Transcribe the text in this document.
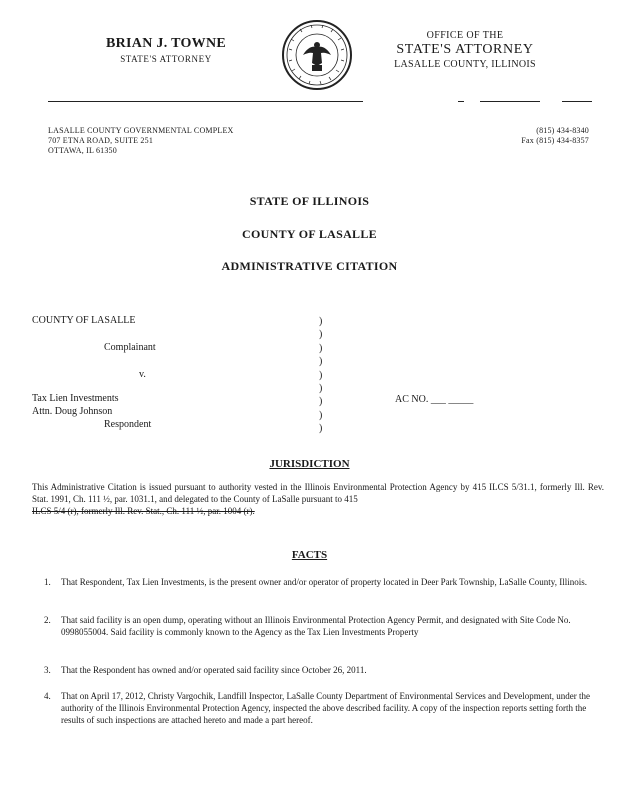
BRIAN J. TOWNE
STATE'S ATTORNEY
OFFICE OF THE
STATE'S ATTORNEY
LASALLE COUNTY, ILLINOIS
LASALLE COUNTY GOVERNMENTAL COMPLEX
707 ETNA ROAD, SUITE 251
OTTAWA, IL 61350
(815) 434-8340
Fax (815) 434-8357
STATE OF ILLINOIS
COUNTY OF LASALLE
ADMINISTRATIVE CITATION
COUNTY OF LASALLE
Complainant
v.
Tax Lien Investments
Attn. Doug Johnson
Respondent
)
)
)
)
)
)
)
)
)
AC NO. ___ _____
JURISDICTION
This Administrative Citation is issued pursuant to authority vested in the Illinois Environmental Protection Agency by 415 ILCS 5/31.1, formerly Ill. Rev. Stat. 1991, Ch. 111 ½, par. 1031.1, and delegated to the County of LaSalle pursuant to 415
ILCS 5/4 (r), formerly Ill. Rev. Stat., Ch. 111 ½, par. 1004 (r).
FACTS
1. That Respondent, Tax Lien Investments, is the present owner and/or operator of property located in Deer Park Township, LaSalle County, Illinois.
2. That said facility is an open dump, operating without an Illinois Environmental Protection Agency Permit, and designated with Site Code No. 0998055004. Said facility is commonly known to the Agency as the Tax Lien Investments Property
3. That the Respondent has owned and/or operated said facility since October 26, 2011.
4. That on April 17, 2012, Christy Vargochik, Landfill Inspector, LaSalle County Department of Environmental Services and Development, under the authority of the Illinois Environmental Protection Agency, inspected the above described facility. A copy of the inspection reports setting forth the results of such inspections are attached hereto and made a part hereof.
